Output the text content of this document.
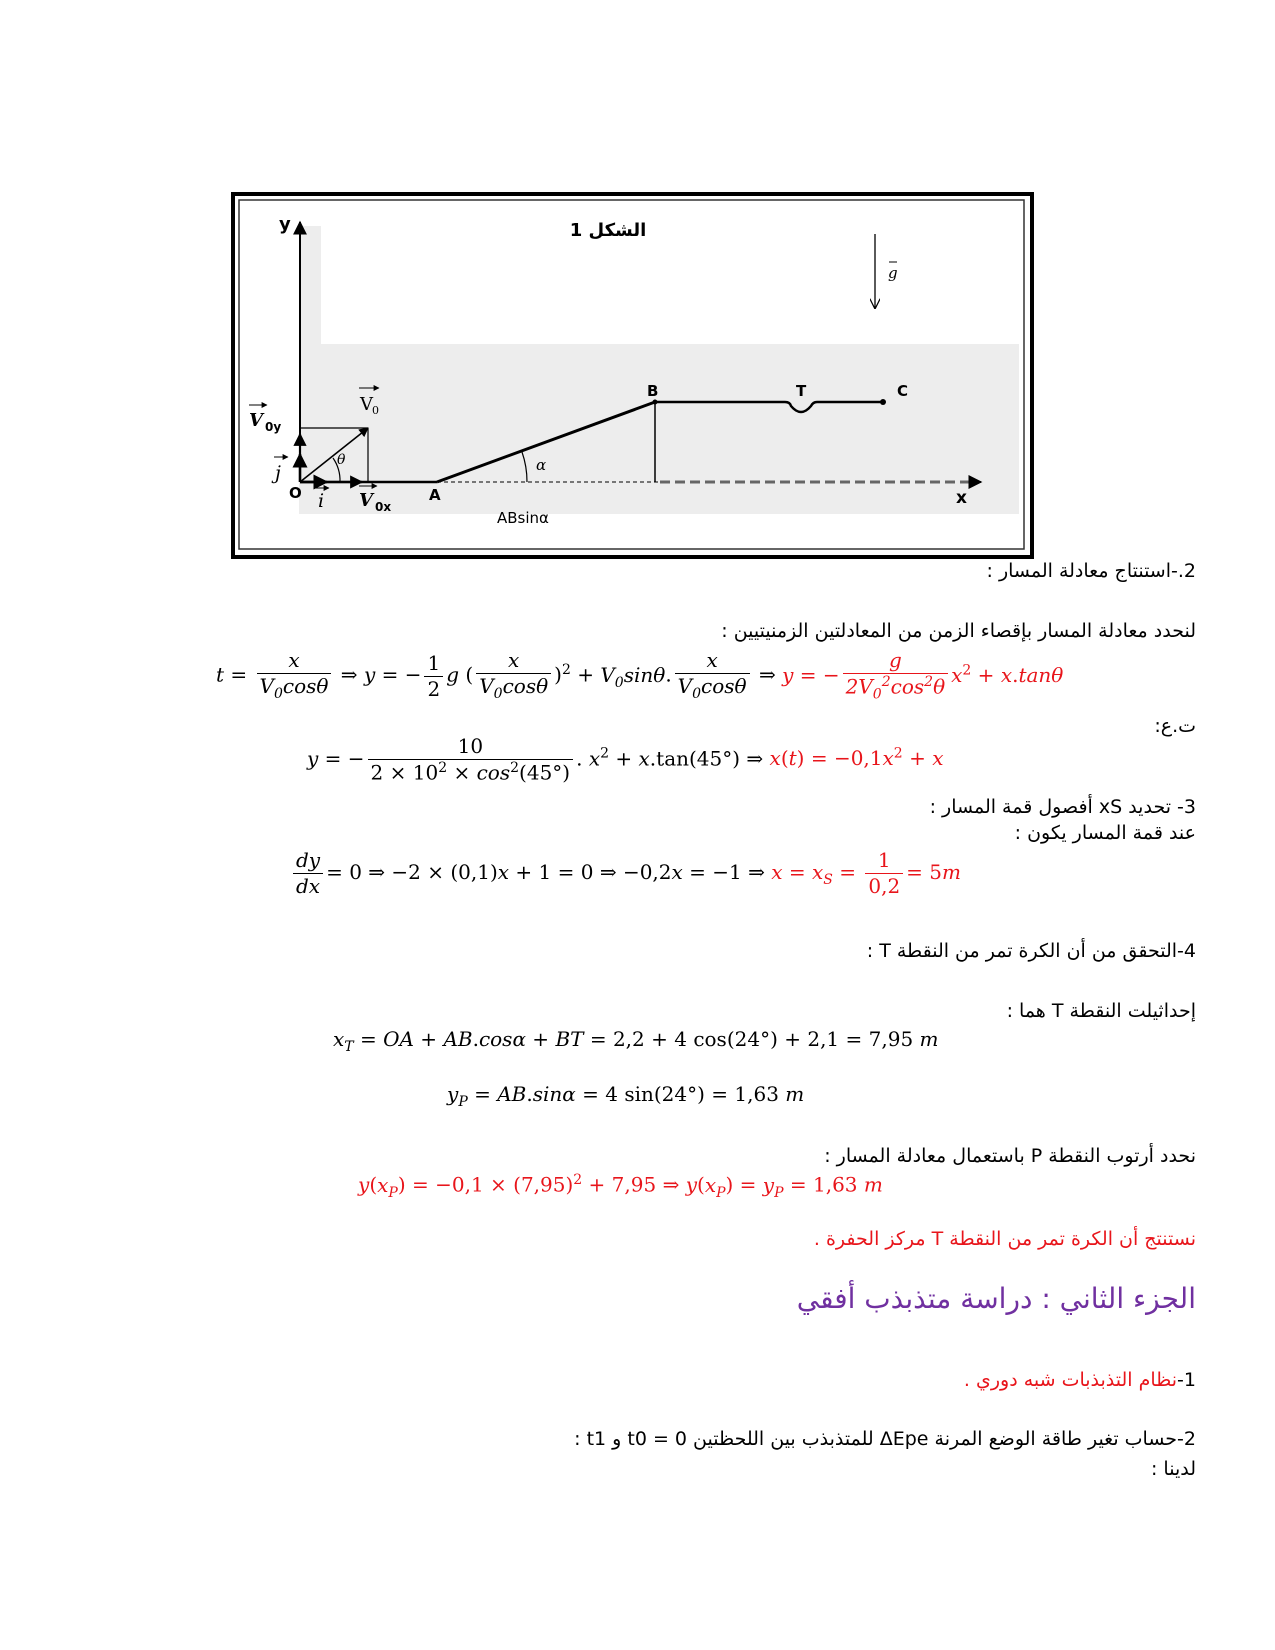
الشكل 1
y
x
O	A
B	T	C
α
θ
V 0
V 0y
V 0x
i
j
g
ABsinα
2.-استنتاج معادلة المسار :
لنحدد معادلة المسار بإقصاء الزمن من المعادلتين الزمنيتيين :
$t = \frac{x}{V_0\cos\theta}$ ⇒ y = − $\frac{1}{2}$ g ( $\frac{x}{V_0\cos\theta} )^2 + V_0\sin\theta$. $\frac{x}{V_0\cos\theta}$ ⇒ y = − $\frac{g}{2V_0^2\cos^2\theta} x^2 + x.\tan\theta$
ت.ع:
y = − $\frac{10}{2 \times 10^2 \times \cos^2(45^\circ)}$ . $x^2 + x.\tan(45^\circ)$ ⇒ $x(t) = -0,1x^2 + x$
3- تحديد xS أفصول قمة المسار :
عند قمة المسار يكون :
$\frac{dy}{dx} = 0$ ⇒ −2 × (0,1)x + 1 = 0 ⇒ −0,2x = −1 ⇒ $x = x_S = \frac{1}{0,2} = 5m$
4-التحقق من أن الكرة تمر من النقطة T :
إحداثيلت النقطة T هما :
$x_T$ = OA + AB.cosα + BT = 2,2 + 4 cos(24°) + 2,1 = 7,95 m
$y_P = AB.\sin\alpha = 4$ sin(24°) = 1,63 m
نحدد أرتوب النقطة P باستعمال معادلة المسار :
$y(x_P) = -0,1 \times (7,95)^2 + 7,95$ ⇒ $y(x_P) = y_P = 1,63$ m
نستنتج أن الكرة تمر من النقطة T مركز الحفرة .
الجزء الثاني : دراسة متذبذب أفقي
1-نظام التذبذبات شبه دوري .
2-حساب تغير طاقة الوضع المرنة ΔEpe للمتذبذب بين اللحظتين t0 = 0 و t1 :
لدينا :
